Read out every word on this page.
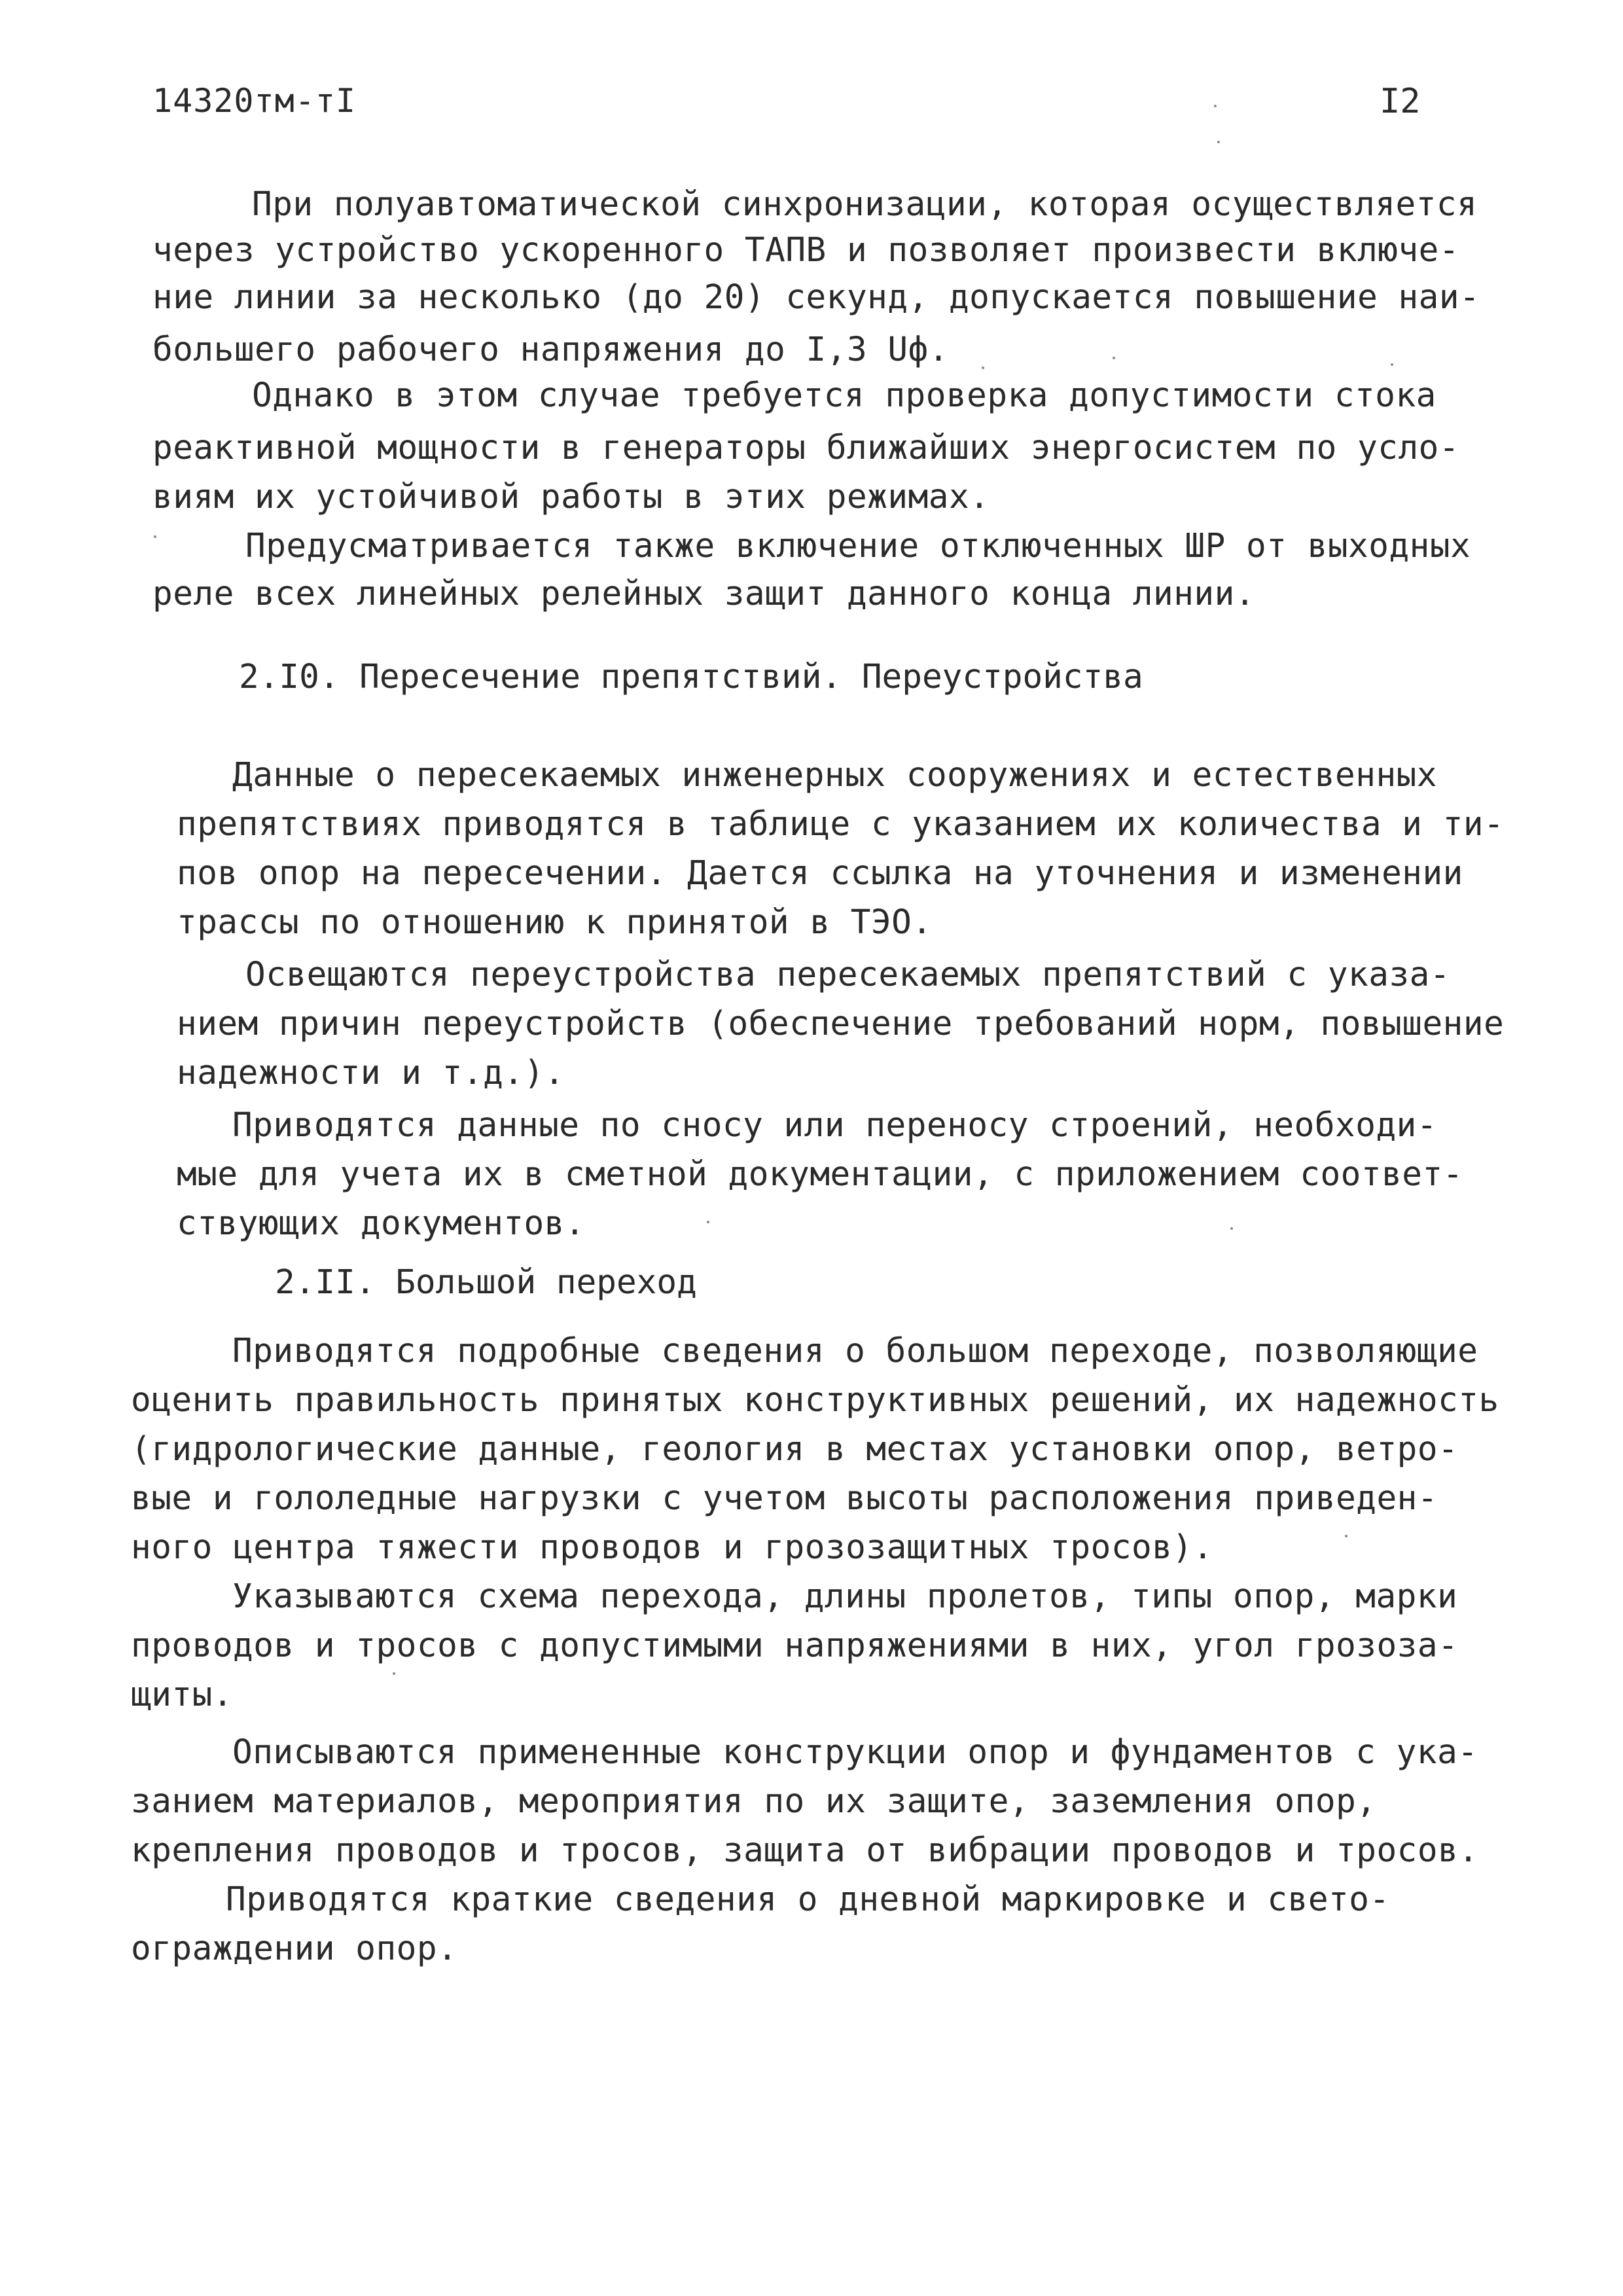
14320тм-тI	I2
При полуавтоматической синхронизации, которая осуществляется
через устройство ускоренного ТАПВ и позволяет произвести включе-
ние линии за несколько (до 20) секунд, допускается повышение наи-
большего рабочего напряжения до I,3 Uф.
Однако в этом случае требуется проверка допустимости стока
реактивной мощности в генераторы ближайших энергосистем по усло-
виям их устойчивой работы в этих режимах.
Предусматривается также включение отключенных ШР от выходных
реле всех линейных релейных защит данного конца линии.
2.I0. Пересечение препятствий. Переустройства
Данные о пересекаемых инженерных сооружениях и естественных
препятствиях приводятся в таблице с указанием их количества и ти-
пов опор на пересечении. Дается ссылка на уточнения и изменении
трассы по отношению к принятой в ТЭО.
Освещаются переустройства пересекаемых препятствий с указа-
нием причин переустройств (обеспечение требований норм, повышение
надежности и т.д.).
Приводятся данные по сносу или переносу строений, необходи-
мые для учета их в сметной документации, с приложением соответ-
ствующих документов.
2.II. Большой переход
Приводятся подробные сведения о большом переходе, позволяющие
оценить правильность принятых конструктивных решений, их надежность
(гидрологические данные, геология в местах установки опор, ветро-
вые и гололедные нагрузки с учетом высоты расположения приведен-
ного центра тяжести проводов и грозозащитных тросов).
Указываются схема перехода, длины пролетов, типы опор, марки
проводов и тросов с допустимыми напряжениями в них, угол грозоза-
щиты.
Описываются примененные конструкции опор и фундаментов с ука-
занием материалов, мероприятия по их защите, заземления опор,
крепления проводов и тросов, защита от вибрации проводов и тросов.
Приводятся краткие сведения о дневной маркировке и свето-
ограждении опор.
